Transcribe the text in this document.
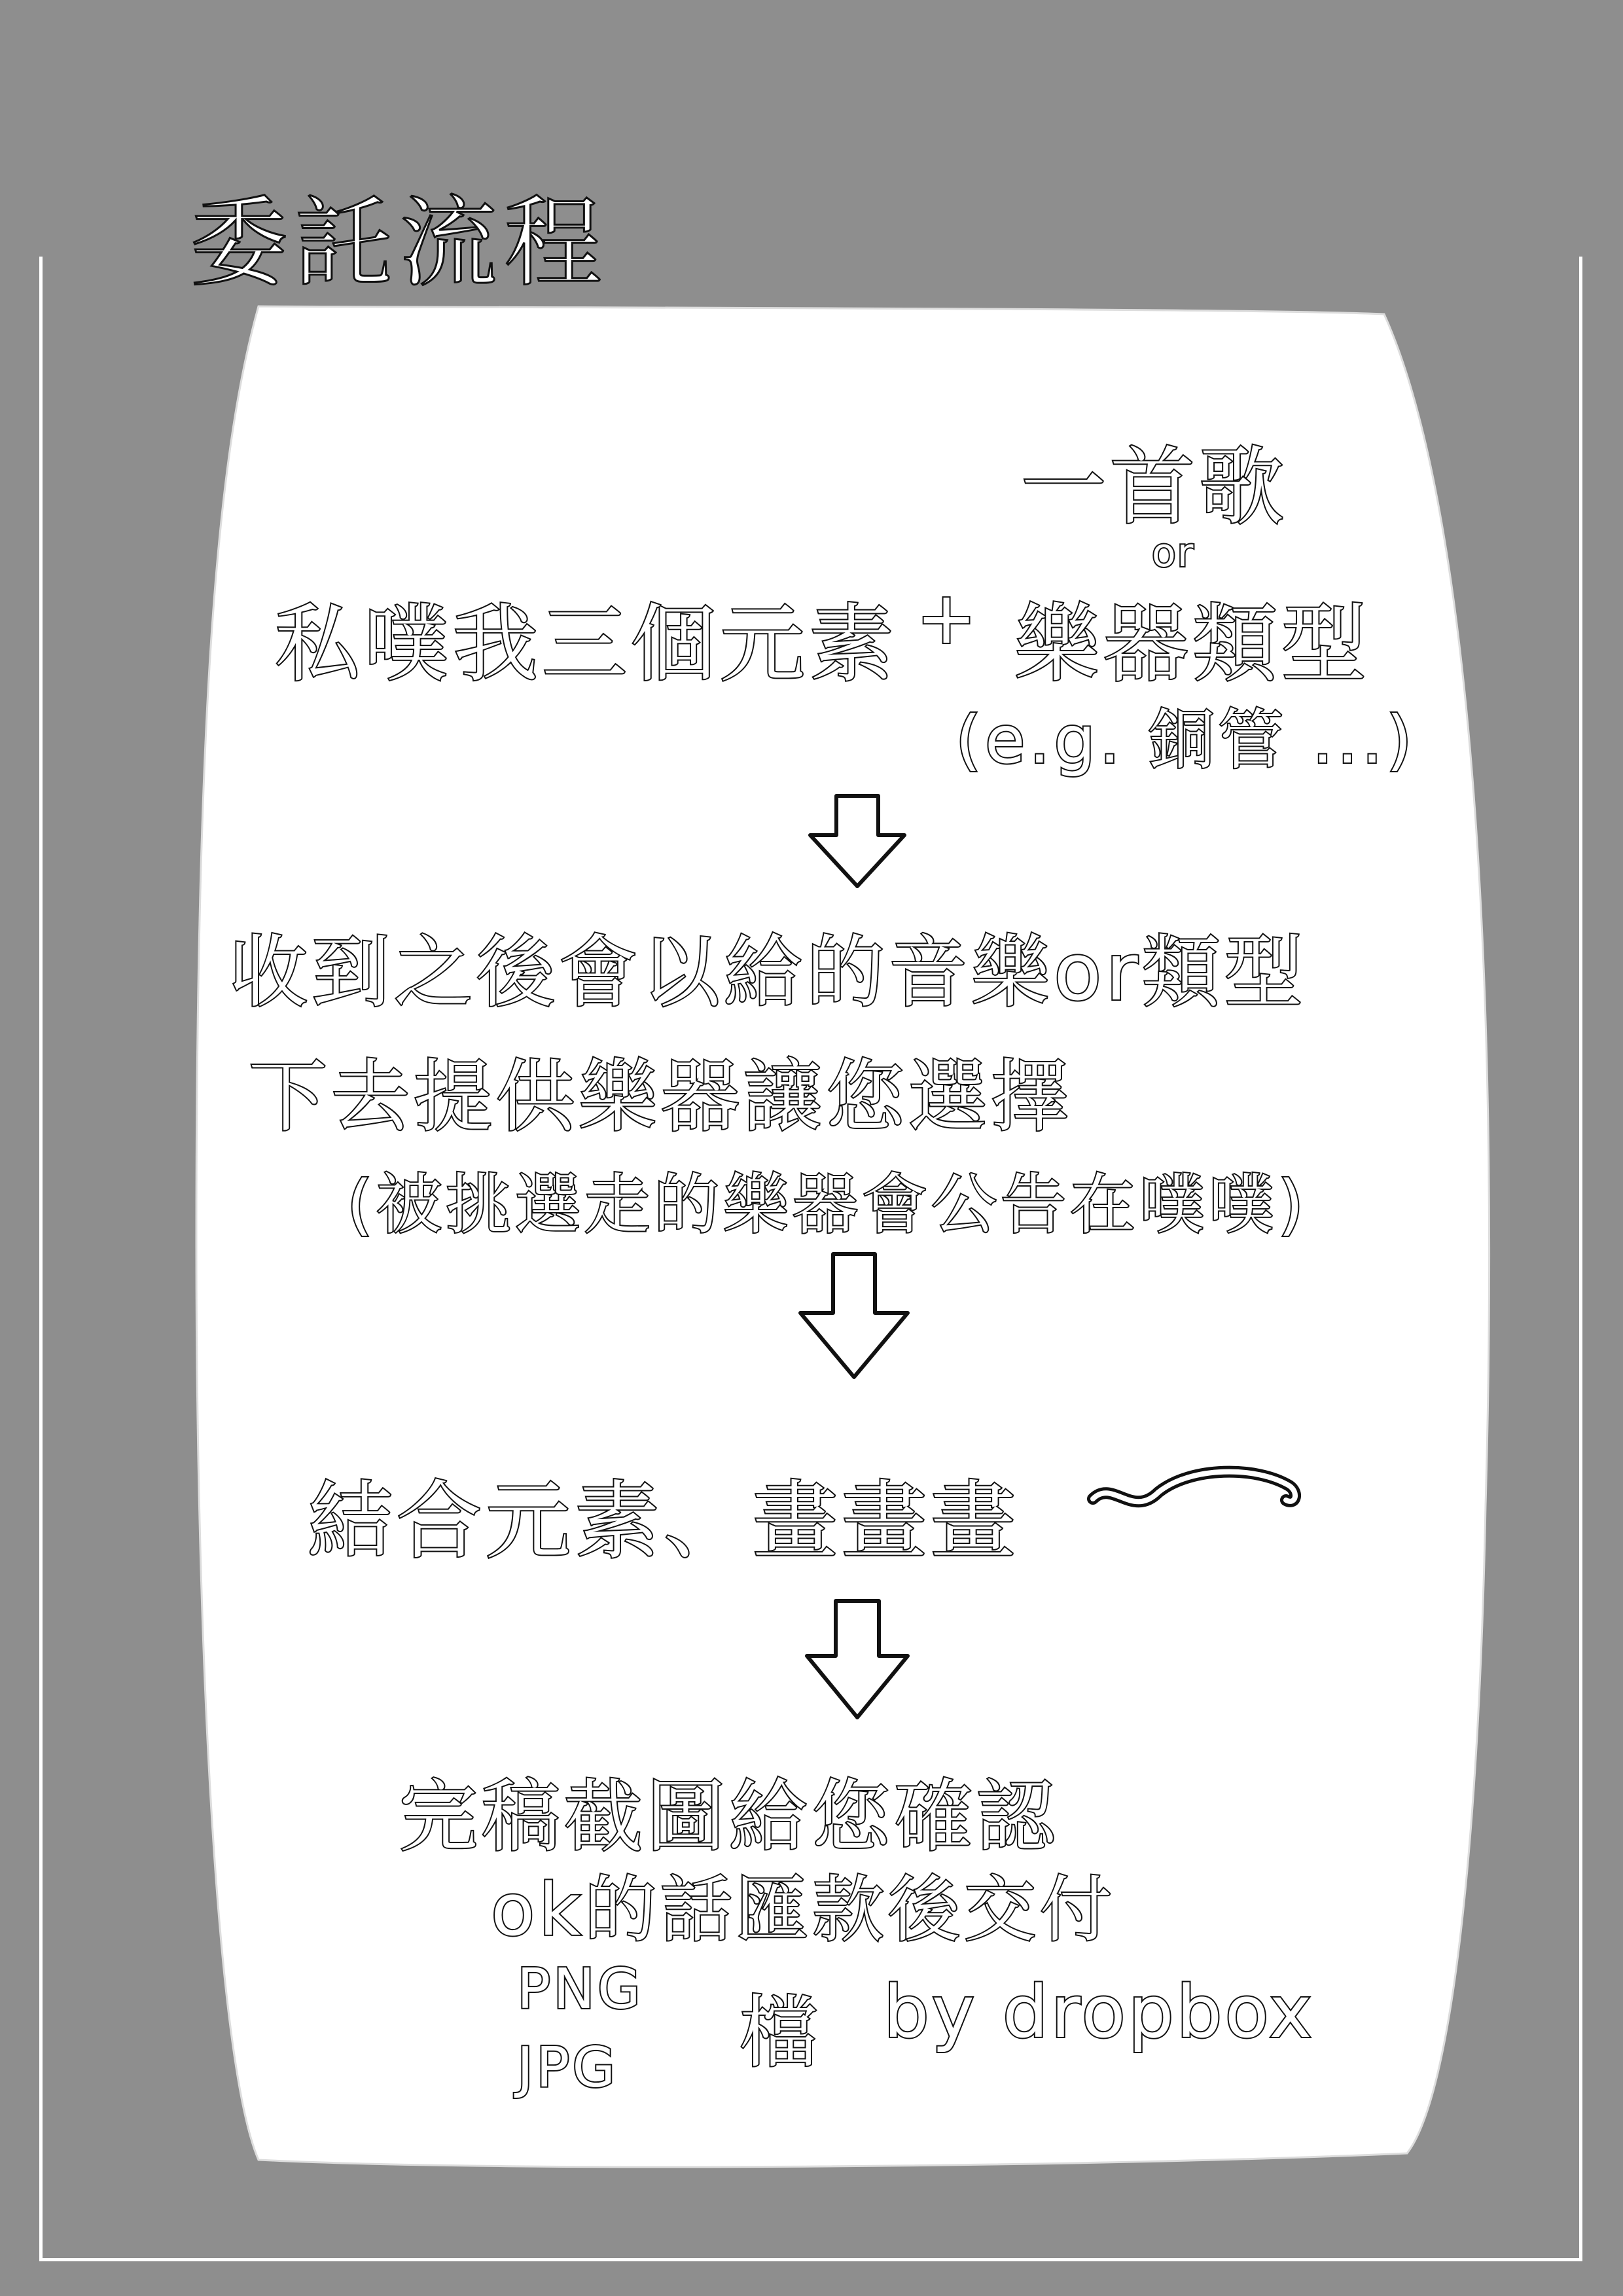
委託流程
一首歌
or
私噗我三個元素 + 樂器類型
(e.g. 銅管 ...)
收到之後會以給的音樂or類型
下去提供樂器讓您選擇
(被挑選走的樂器會公告在噗噗)
結合元素、畫畫畫
完稿截圖給您確認
ok的話匯款後交付
PNG
JPG 檔 by dropbox
